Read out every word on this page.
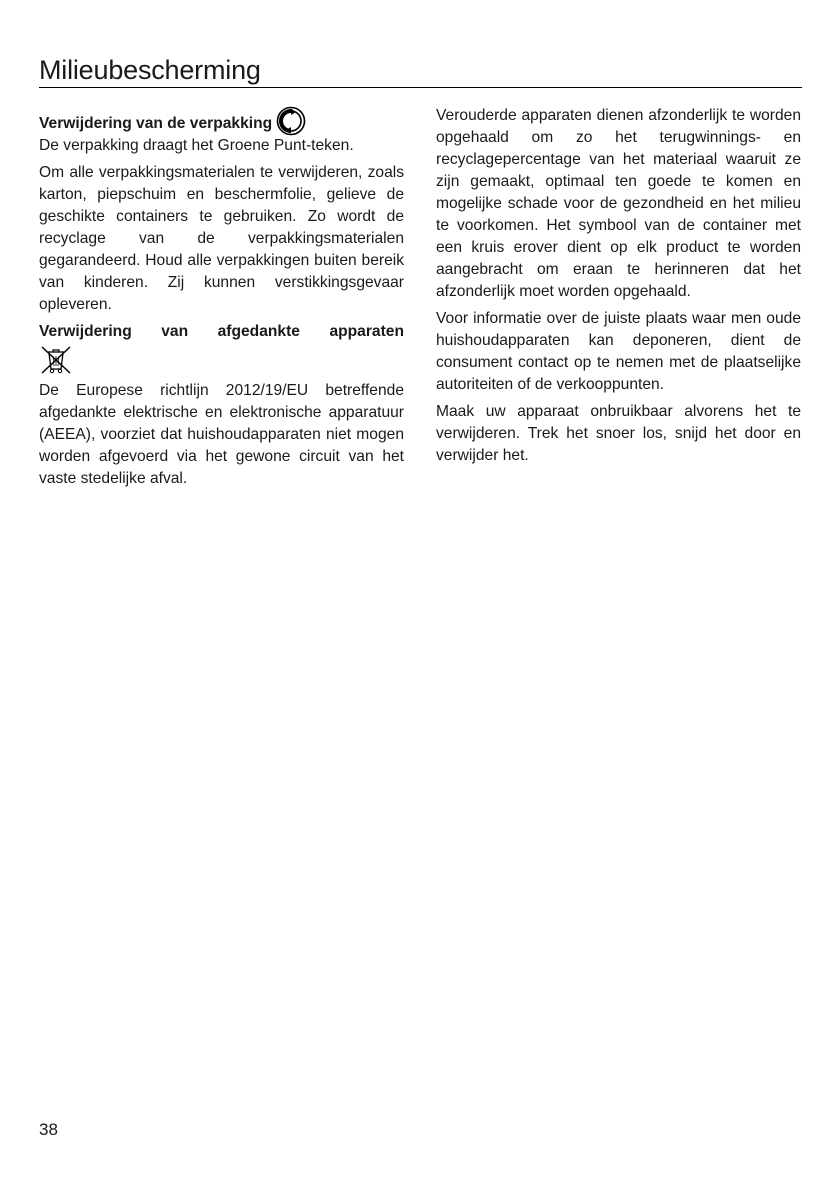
Milieubescherming
Verwijdering van de verpakking

De verpakking draagt het Groene Punt-teken.

Om alle verpakkingsmaterialen te verwijderen, zoals karton, piepschuim en beschermfolie, gelieve de geschikte containers te gebruiken. Zo wordt de recyclage van de verpakkingsmaterialen gegarandeerd. Houd alle verpakkingen buiten bereik van kinderen. Zij kunnen verstikkingsgevaar opleveren.

Verwijdering van afgedankte apparaten

De Europese richtlijn 2012/19/EU betreffende afgedankte elektrische en elektronische apparatuur (AEEA), voorziet dat huishoudapparaten niet mogen worden afgevoerd via het gewone circuit van het vaste stedelijke afval.

Verouderde apparaten dienen afzonderlijk te worden opgehaald om zo het terugwinnings- en recyclagepercentage van het materiaal waaruit ze zijn gemaakt, optimaal ten goede te komen en mogelijke schade voor de gezondheid en het milieu te voorkomen. Het symbool van de container met een kruis erover dient op elk product te worden aangebracht om eraan te herinneren dat het afzonderlijk moet worden opgehaald.

Voor informatie over de juiste plaats waar men oude huishoudapparaten kan deponeren, dient de consument contact op te nemen met de plaatselijke autoriteiten of de verkooppunten.

Maak uw apparaat onbruikbaar alvorens het te verwijderen. Trek het snoer los, snijd het door en verwijder het.

38
